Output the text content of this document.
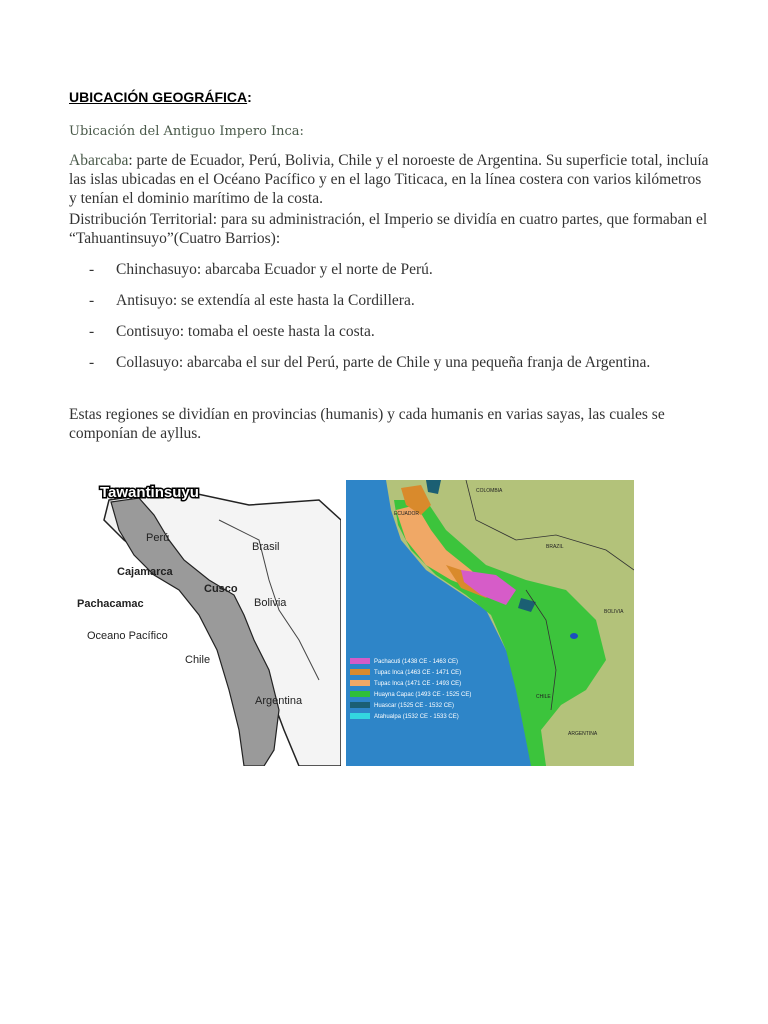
UBICACIÓN GEOGRÁFICA:
Ubicación del Antiguo Impero Inca:
Abarcaba: parte de Ecuador, Perú, Bolivia, Chile y el noroeste de Argentina. Su superficie total, incluía las islas ubicadas en el Océano Pacífico y en el lago Titicaca, en la línea costera con varios kilómetros y tenían el dominio marítimo de la costa.
Distribución Territorial: para su administración, el Imperio se dividía en cuatro partes, que formaban el “Tahuantinsuyo”(Cuatro Barrios):
- Chinchasuyo: abarcaba Ecuador y el norte de Perú.
- Antisuyo: se extendía al este hasta la Cordillera.
- Contisuyo: tomaba el oeste hasta la costa.
- Collasuyo: abarcaba el sur del Perú, parte de Chile y una pequeña franja de Argentina.
Estas regiones se dividían en provincias (humanis) y cada humanis en varias sayas, las cuales se componían de ayllus.
Tawantinsuyu
Perú
Brasil
Cajamarca
Cusco
Pachacamac	Bolivia
Oceano Pacífico
Chile
Argentina
COLOMBIA
ECUADOR
BRAZIL
BOLIVIA
CHILE
ARGENTINA
Pachacuti (1438 CE - 1463 CE)
Tupac Inca (1463 CE - 1471 CE)
Tupac Inca (1471 CE - 1493 CE)
Huayna Capac (1493 CE - 1525 CE)
Huascar (1525 CE - 1532 CE)
Atahualpa (1532 CE - 1533 CE)
